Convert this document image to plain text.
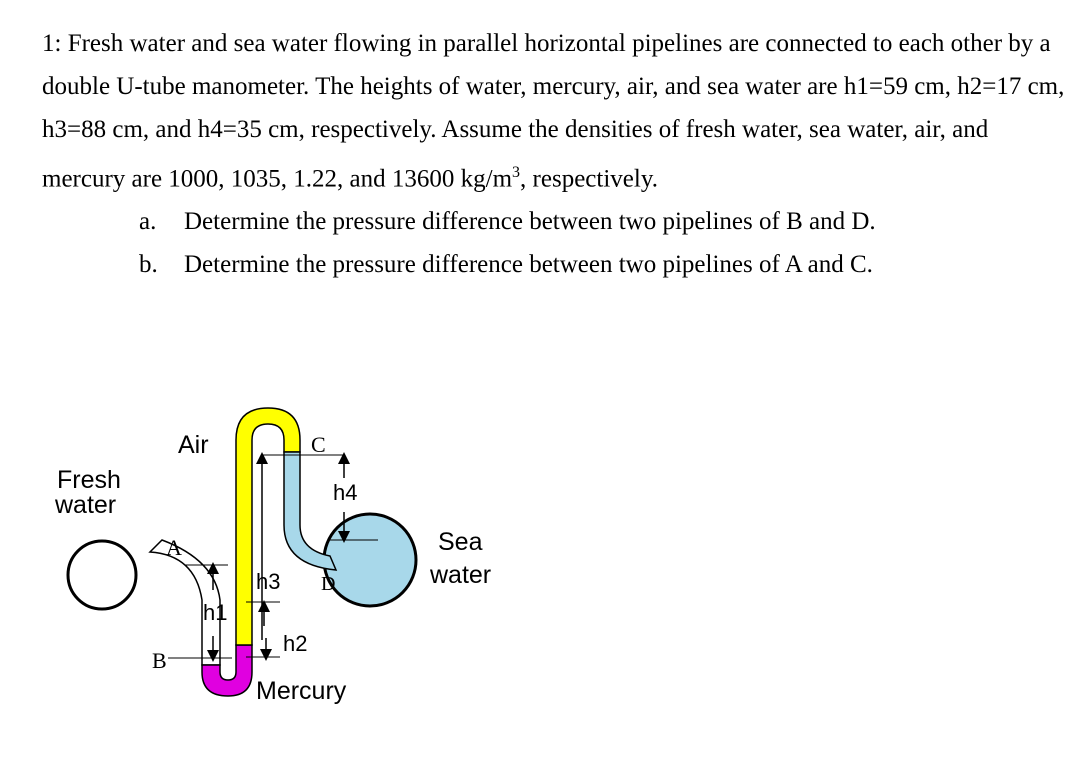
1: Fresh water and sea water flowing in parallel horizontal pipelines are connected to each other by a double U-tube manometer. The heights of water, mercury, air, and sea water are h1=59 cm, h2=17 cm, h3=88 cm, and h4=35 cm, respectively. Assume the densities of fresh water, sea water, air, and mercury are 1000, 1035, 1.22, and 13600 $kg/m^3$, respectively.

a. Determine the pressure difference between two pipelines of B and D.
b. Determine the pressure difference between two pipelines of A and C.
Fresh
water
Sea
water
Air
Mercury
h1
h2
h3
h4
A
B
C
D
